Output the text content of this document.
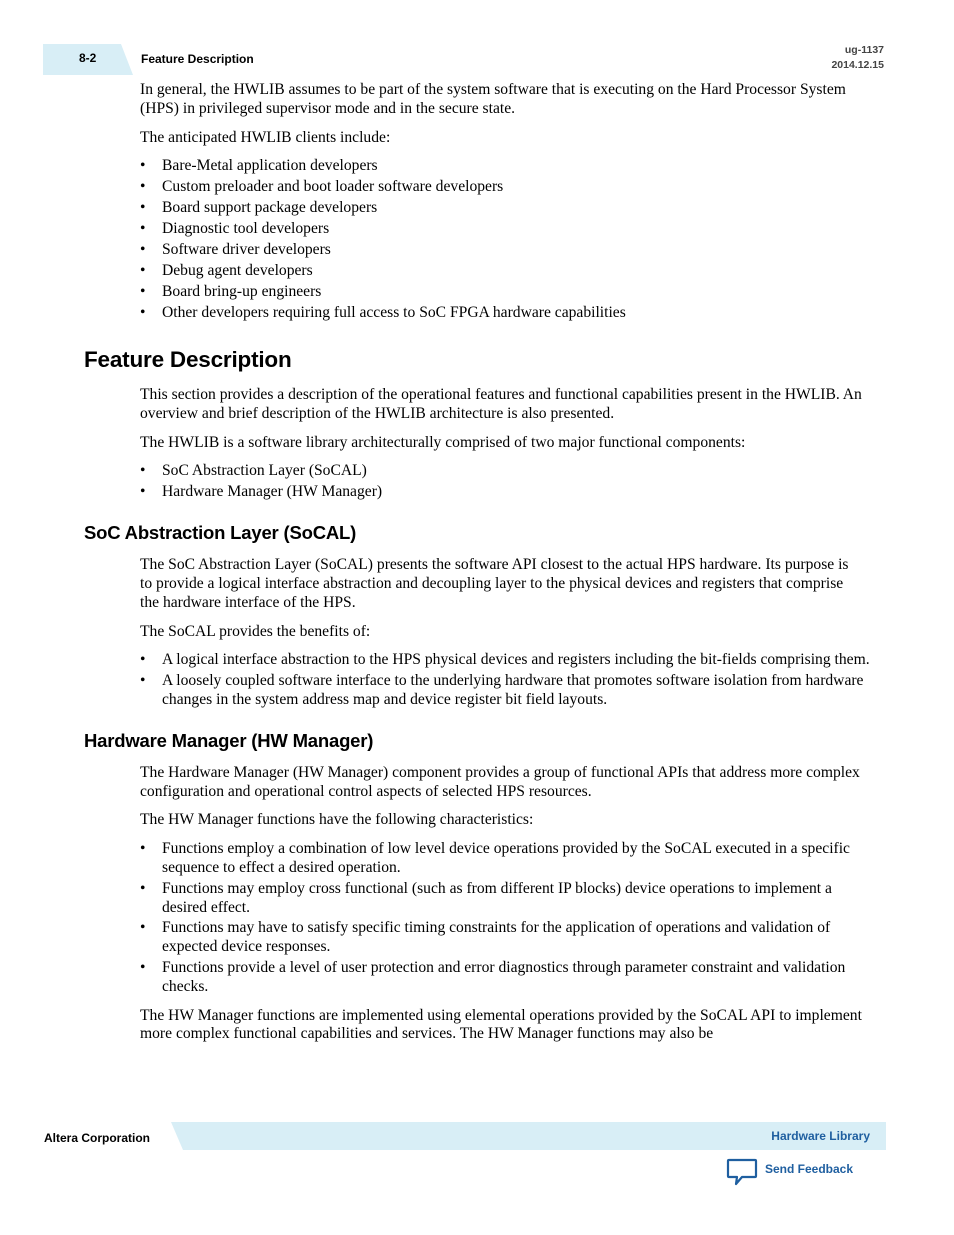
8-2	Feature Description
ug-1137
2014.12.15

In general, the HWLIB assumes to be part of the system software that is executing on the Hard Processor System (HPS) in privileged supervisor mode and in the secure state.

The anticipated HWLIB clients include:

• Bare-Metal application developers
• Custom preloader and boot loader software developers
• Board support package developers
• Diagnostic tool developers
• Software driver developers
• Debug agent developers
• Board bring-up engineers
• Other developers requiring full access to SoC FPGA hardware capabilities
Feature Description

This section provides a description of the operational features and functional capabilities present in the HWLIB. An overview and brief description of the HWLIB architecture is also presented.

The HWLIB is a software library architecturally comprised of two major functional components:

• SoC Abstraction Layer (SoCAL)
• Hardware Manager (HW Manager)
SoC Abstraction Layer (SoCAL)

The SoC Abstraction Layer (SoCAL) presents the software API closest to the actual HPS hardware. Its purpose is to provide a logical interface abstraction and decoupling layer to the physical devices and registers that comprise the hardware interface of the HPS.

The SoCAL provides the benefits of:

• A logical interface abstraction to the HPS physical devices and registers including the bit-fields comprising them.
• A loosely coupled software interface to the underlying hardware that promotes software isolation from hardware changes in the system address map and device register bit field layouts.
Hardware Manager (HW Manager)

The Hardware Manager (HW Manager) component provides a group of functional APIs that address more complex configuration and operational control aspects of selected HPS resources.

The HW Manager functions have the following characteristics:

• Functions employ a combination of low level device operations provided by the SoCAL executed in a specific sequence to effect a desired operation.
• Functions may employ cross functional (such as from different IP blocks) device operations to implement a desired effect.
• Functions may have to satisfy specific timing constraints for the application of operations and validation of expected device responses.
• Functions provide a level of user protection and error diagnostics through parameter constraint and validation checks.

The HW Manager functions are implemented using elemental operations provided by the SoCAL API to implement more complex functional capabilities and services. The HW Manager functions may also be

Altera Corporation	Hardware Library
Send Feedback
